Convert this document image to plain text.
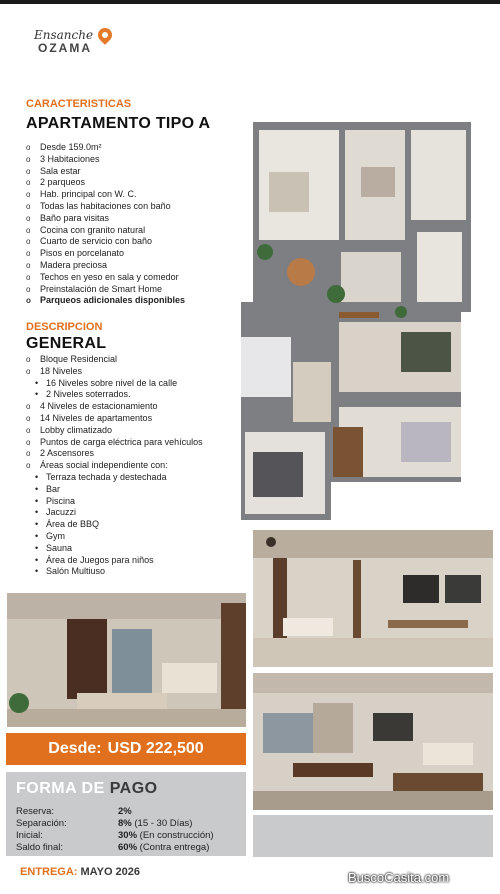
Ensanche
OZAMA
CARACTERISTICAS
APARTAMENTO TIPO A
o Desde 159.0m²
o 3 Habitaciones
o Sala estar
o 2 parqueos
o Hab. principal con W. C.
o Todas las habitaciones con baño
o Baño para visitas
o Cocina con granito natural
o Cuarto de servicio con baño
o Pisos en porcelanato
o Madera preciosa
o Techos en yeso en sala y comedor
o Preinstalación de Smart Home
o Parqueos adicionales disponibles
DESCRIPCION
GENERAL
o Bloque Residencial
o 18 Niveles
• 16 Niveles sobre nivel de la calle
• 2 Niveles soterrados.
o 4 Niveles de estacionamiento
o 14 Niveles de apartamentos
o Lobby climatizado
o Puntos de carga eléctrica para vehículos
o 2 Ascensores
o Áreas social independiente con:
• Terraza techada y destechada
• Bar
• Piscina
• Jacuzzi
• Área de BBQ
• Gym
• Sauna
• Área de Juegos para niños
• Salón Multiuso
Desde: USD 222,500
FORMA DE PAGO
Reserva:	2%
Separación:	8% (15 - 30 Días)
Inicial:	30% (En construcción)
Saldo final:	60% (Contra entrega)
ENTREGA: MAYO 2026	BuscoCasita.com
